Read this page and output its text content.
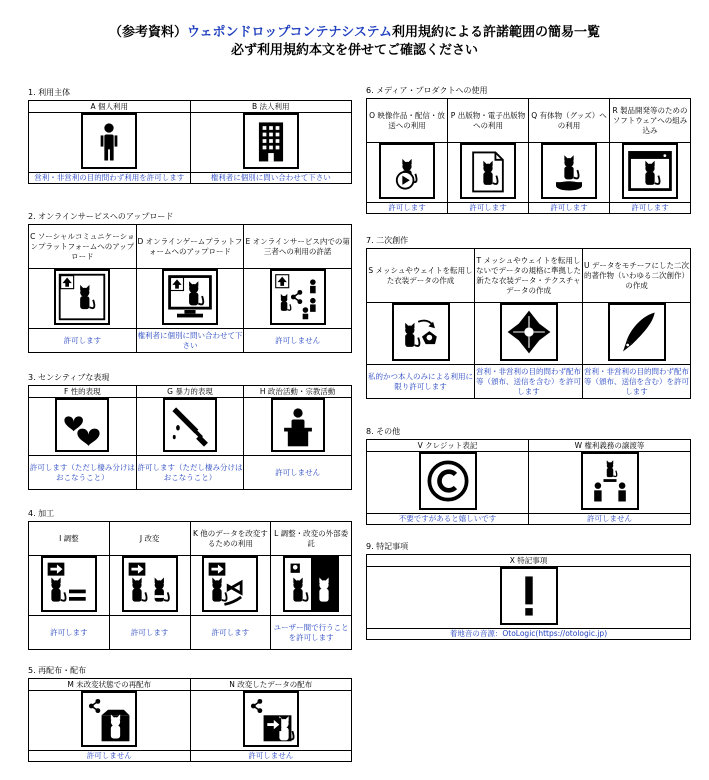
（参考資料）ウェポンドロップコンテナシステム利用規約による許諾範囲の簡易一覧
必ず利用規約本文を併せてご確認ください
1. 利用主体
A 個人利用	B 法人利用

営利・非営利の目的問わず利用を許可します	権利者に個別に問い合わせて下さい
2. オンラインサービスへのアップロード
C ソーシャルコミュニケーションプラットフォームへのアップロード	D オンラインゲームプラットフォームへのアップロード	E オンラインサービス内での第三者への利用の許諾

許可します	権利者に個別に問い合わせて下さい	許可しません
3. センシティブな表現
F 性的表現	G 暴力的表現	H 政治活動・宗教活動

許可します（ただし棲み分けはおこなうこと）	許可します（ただし棲み分けはおこなうこと）	許可しません
4. 加工
I 調整	J 改変	K 他のデータを改変するための利用	L 調整・改変の外部委託

許可します	許可します	許可します	ユーザー間で行うことを許可します
5. 再配布・配布
M 未改変状態での再配布	N 改変したデータの配布

許可しません	許可しません
6. メディア・プロダクトへの使用
O 映像作品・配信・放送への利用	P 出版物・電子出版物への利用	Q 有体物（グッズ）への利用	R 製品開発等のためのソフトウェアへの組み込み

許可します	許可します	許可します	許可します
7. 二次創作
S メッシュやウェイトを転用した衣装データの作成	T メッシュやウェイトを転用しないでデータの規格に準拠した新たな衣装データ・テクスチャデータの作成	U データをモチーフにした二次的著作物（いわゆる二次創作）の作成

私的かつ本人のみによる利用に限り許可します	営利・非営利の目的問わず配布等（頒布、送信を含む）を許可します	営利・非営利の目的問わず配布等（頒布、送信を含む）を許可します
8. その他
V クレジット表記	W 権利義務の譲渡等

不要ですがあると嬉しいです	許可しません
9. 特記事項
X 特記事項

着地音の音源：OtoLogic(https://otologic.jp)
